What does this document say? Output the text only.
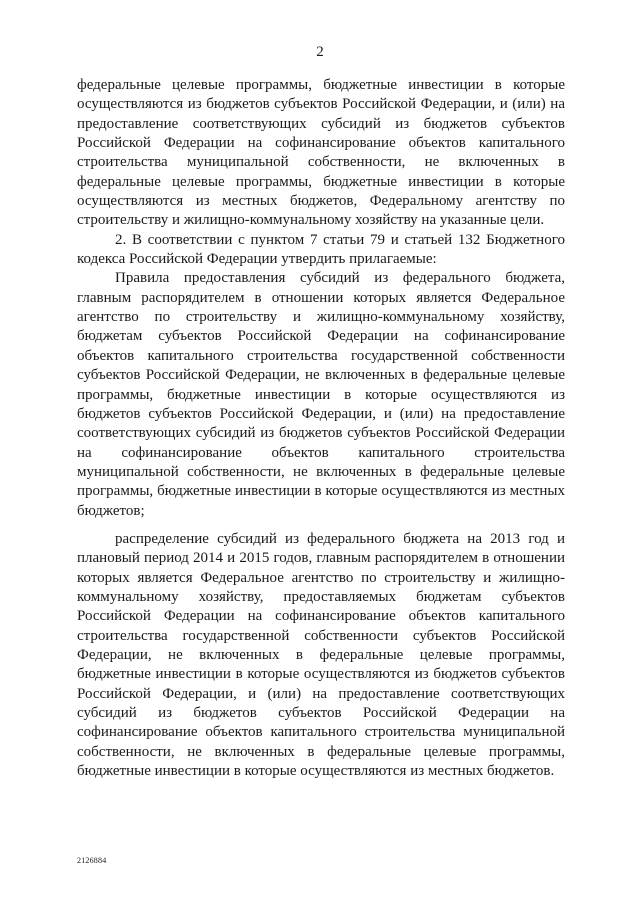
2

федеральные целевые программы, бюджетные инвестиции в которые осуществляются из бюджетов субъектов Российской Федерации, и (или) на предоставление соответствующих субсидий из бюджетов субъектов Российской Федерации на софинансирование объектов капитального строительства муниципальной собственности, не включенных в федеральные целевые программы, бюджетные инвестиции в которые осуществляются из местных бюджетов, Федеральному агентству по строительству и жилищно-коммунальному хозяйству на указанные цели.

2. В соответствии с пунктом 7 статьи 79 и статьей 132 Бюджетного кодекса Российской Федерации утвердить прилагаемые:

Правила предоставления субсидий из федерального бюджета, главным распорядителем в отношении которых является Федеральное агентство по строительству и жилищно-коммунальному хозяйству, бюджетам субъектов Российской Федерации на софинансирование объектов капитального строительства государственной собственности субъектов Российской Федерации, не включенных в федеральные целевые программы, бюджетные инвестиции в которые осуществляются из бюджетов субъектов Российской Федерации, и (или) на предоставление соответствующих субсидий из бюджетов субъектов Российской Федерации на софинансирование объектов капитального строительства муниципальной собственности, не включенных в федеральные целевые программы, бюджетные инвестиции в которые осуществляются из местных бюджетов;

распределение субсидий из федерального бюджета на 2013 год и плановый период 2014 и 2015 годов, главным распорядителем в отношении которых является Федеральное агентство по строительству и жилищно-коммунальному хозяйству, предоставляемых бюджетам субъектов Российской Федерации на софинансирование объектов капитального строительства государственной собственности субъектов Российской Федерации, не включенных в федеральные целевые программы, бюджетные инвестиции в которые осуществляются из бюджетов субъектов Российской Федерации, и (или) на предоставление соответствующих субсидий из бюджетов субъектов Российской Федерации на софинансирование объектов капитального строительства муниципальной собственности, не включенных в федеральные целевые программы, бюджетные инвестиции в которые осуществляются из местных бюджетов.

2126884
